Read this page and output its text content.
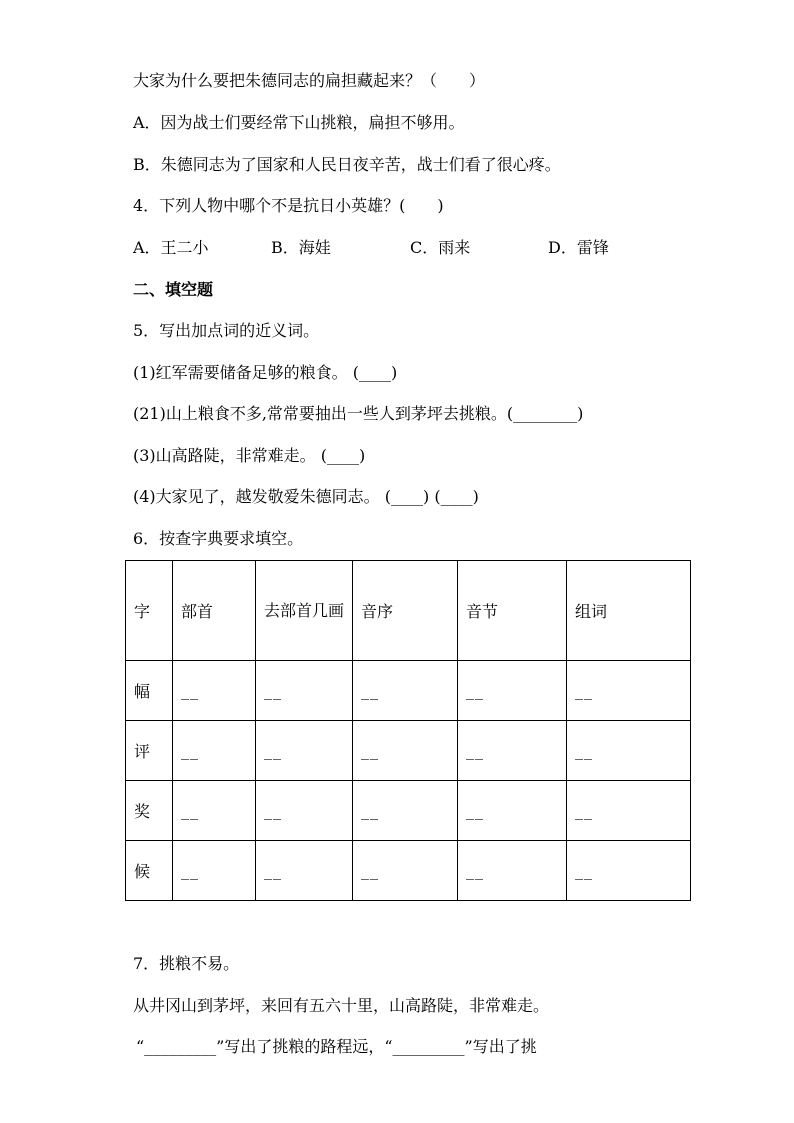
大家为什么要把朱德同志的扁担藏起来？（　　）
A．因为战士们要经常下山挑粮，扁担不够用。
B．朱德同志为了国家和人民日夜辛苦，战士们看了很心疼。
4．下列人物中哪个不是抗日小英雄？(　　)
A．王二小	B．海娃	C．雨来	D．雷锋
二、填空题
5．写出加点词的近义词。
(1)红军需要储备足够的粮食。 (____)
(21)山上粮食不多,常常要抽出一些人到茅坪去挑粮。(________)
(3)山高路陡，非常难走。 (____)
(4)大家见了，越发敬爱朱德同志。 (____) (____)
6．按查字典要求填空。
字	部首	去部首几画	音序	音节	组词
幅	__	__	__	__	__
评	__	__	__	__	__
奖	__	__	__	__	__
候	__	__	__	__	__
7．挑粮不易。
从井冈山到茅坪，来回有五六十里，山高路陡，非常难走。
“_________”写出了挑粮的路程远，“_________”写出了挑
